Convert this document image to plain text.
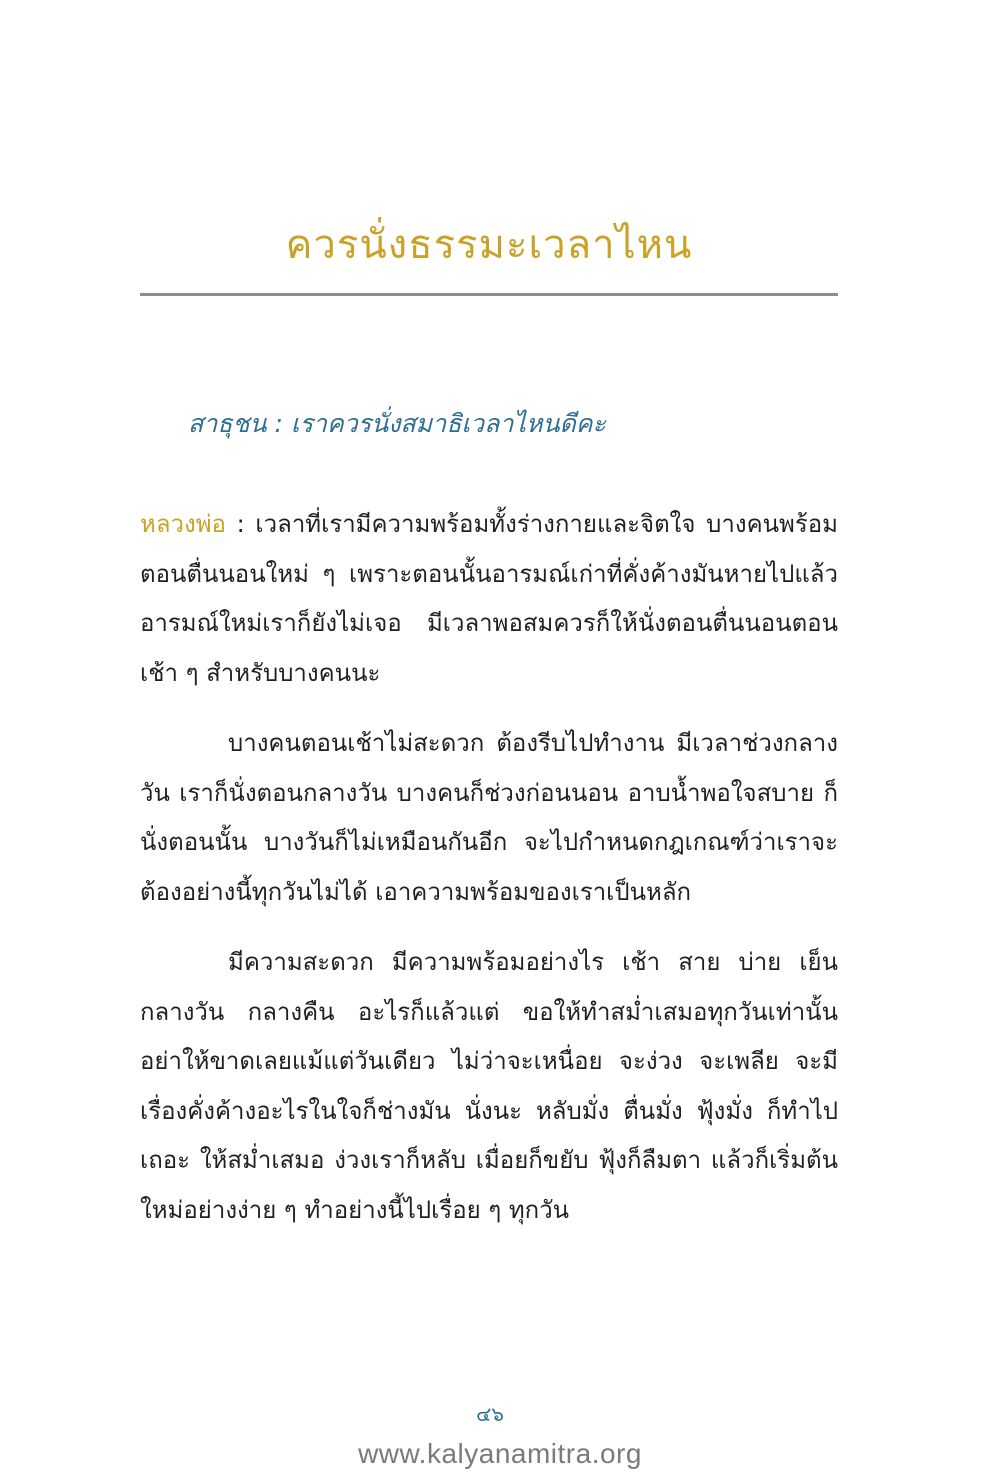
ควรนั่งธรรมะเวลาไหน

สาธุชน : เราควรนั่งสมาธิเวลาไหนดีคะ

หลวงพ่อ : เวลาที่เรามีความพร้อมทั้งร่างกายและจิตใจ บางคนพร้อมตอนตื่นนอนใหม่ ๆ เพราะตอนนั้นอารมณ์เก่าที่คั่งค้างมันหายไปแล้ว อารมณ์ใหม่เราก็ยังไม่เจอ มีเวลาพอสมควรก็ให้นั่งตอนตื่นนอนตอนเช้า ๆ สำหรับบางคนนะ

บางคนตอนเช้าไม่สะดวก ต้องรีบไปทำงาน มีเวลาช่วงกลางวัน เราก็นั่งตอนกลางวัน บางคนก็ช่วงก่อนนอน อาบน้ำพอใจสบาย ก็นั่งตอนนั้น บางวันก็ไม่เหมือนกันอีก จะไปกำหนดกฎเกณฑ์ว่าเราจะต้องอย่างนี้ทุกวันไม่ได้ เอาความพร้อมของเราเป็นหลัก

มีความสะดวก มีความพร้อมอย่างไร เช้า สาย บ่าย เย็น กลางวัน กลางคืน อะไรก็แล้วแต่ ขอให้ทำสม่ำเสมอทุกวันเท่านั้น อย่าให้ขาดเลยแม้แต่วันเดียว ไม่ว่าจะเหนื่อย จะง่วง จะเพลีย จะมีเรื่องคั่งค้างอะไรในใจก็ช่างมัน นั่งนะ หลับมั่ง ตื่นมั่ง ฟุ้งมั่ง ก็ทำไปเถอะ ให้สม่ำเสมอ ง่วงเราก็หลับ เมื่อยก็ขยับ ฟุ้งก็ลืมตา แล้วก็เริ่มต้นใหม่อย่างง่าย ๆ ทำอย่างนี้ไปเรื่อย ๆ ทุกวัน

๔๖
www.kalyanamitra.org
